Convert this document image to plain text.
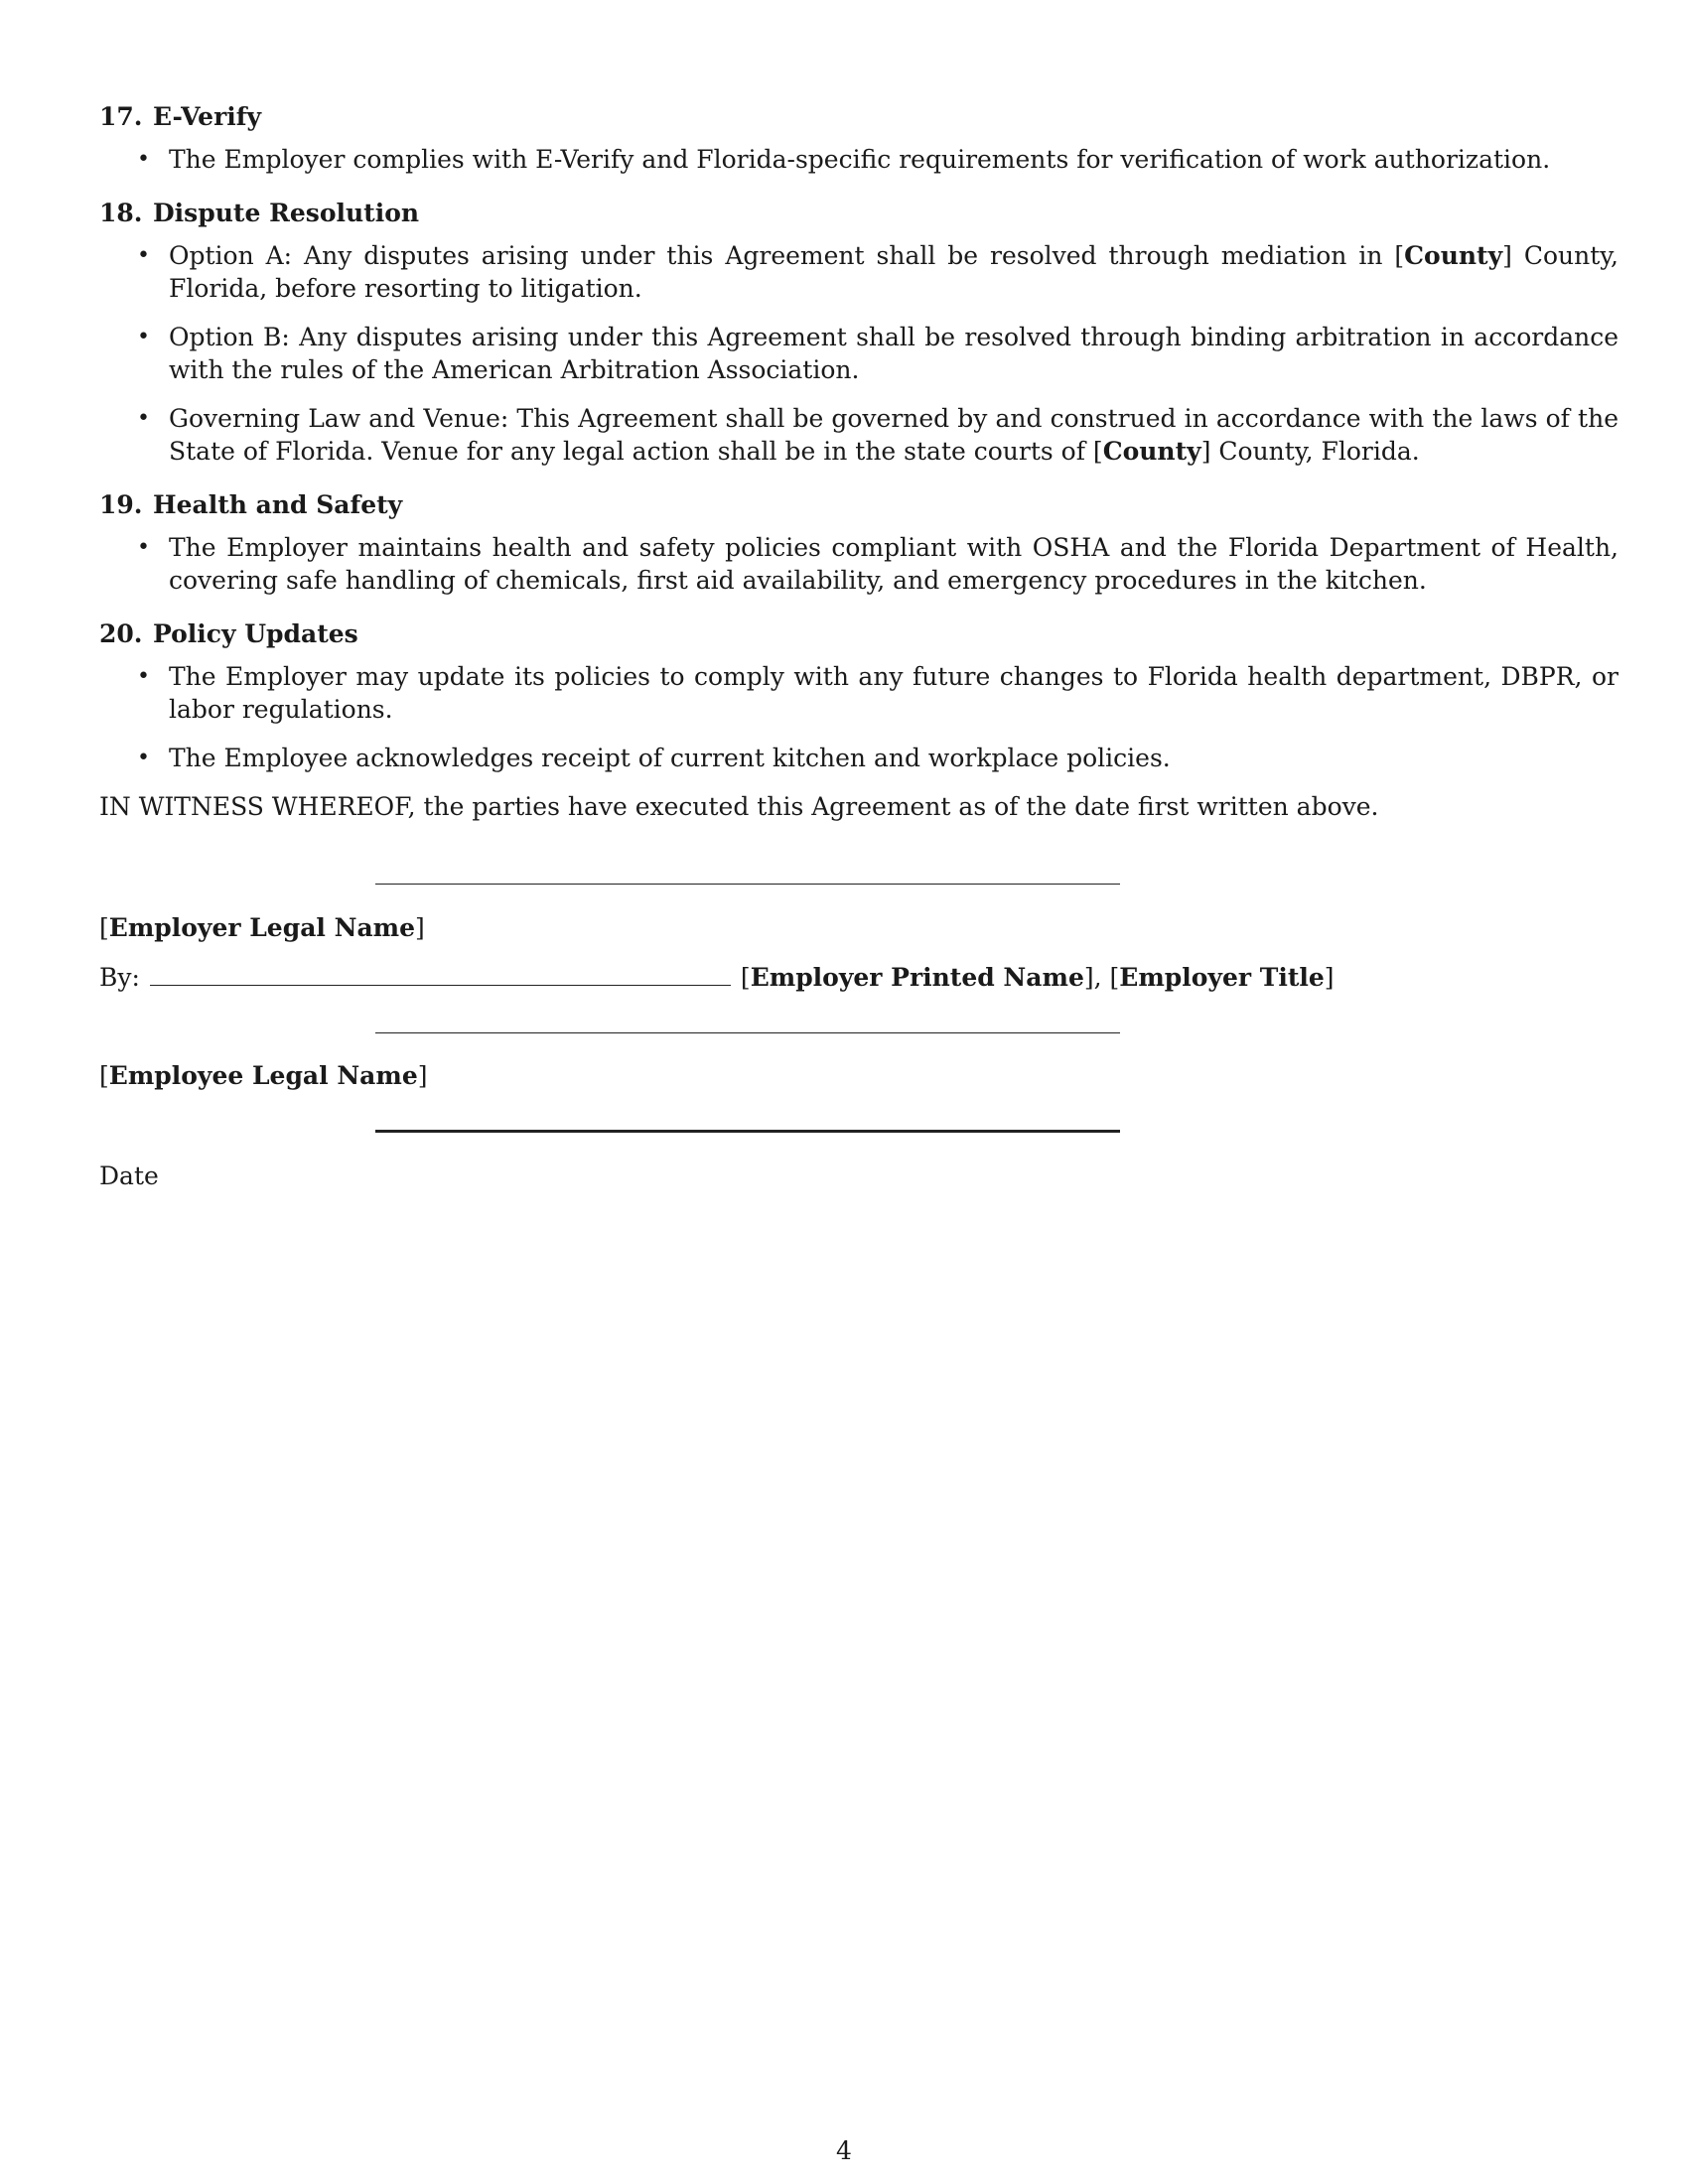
17. E-Verify
• The Employer complies with E-Verify and Florida-specific requirements for verification of work authorization.
18. Dispute Resolution
• Option A: Any disputes arising under this Agreement shall be resolved through mediation in [County] County, Florida, before resorting to litigation.
• Option B: Any disputes arising under this Agreement shall be resolved through binding arbitration in accordance with the rules of the American Arbitration Association.
• Governing Law and Venue: This Agreement shall be governed by and construed in accordance with the laws of the State of Florida. Venue for any legal action shall be in the state courts of [County] County, Florida.
19. Health and Safety
• The Employer maintains health and safety policies compliant with OSHA and the Florida Department of Health, covering safe handling of chemicals, first aid availability, and emergency procedures in the kitchen.
20. Policy Updates
• The Employer may update its policies to comply with any future changes to Florida health department, DBPR, or labor regulations.
• The Employee acknowledges receipt of current kitchen and workplace policies.

IN WITNESS WHEREOF, the parties have executed this Agreement as of the date first written above.

[Employer Legal Name]
By:	[Employer Printed Name], [Employer Title]
[Employee Legal Name]
Date
4
